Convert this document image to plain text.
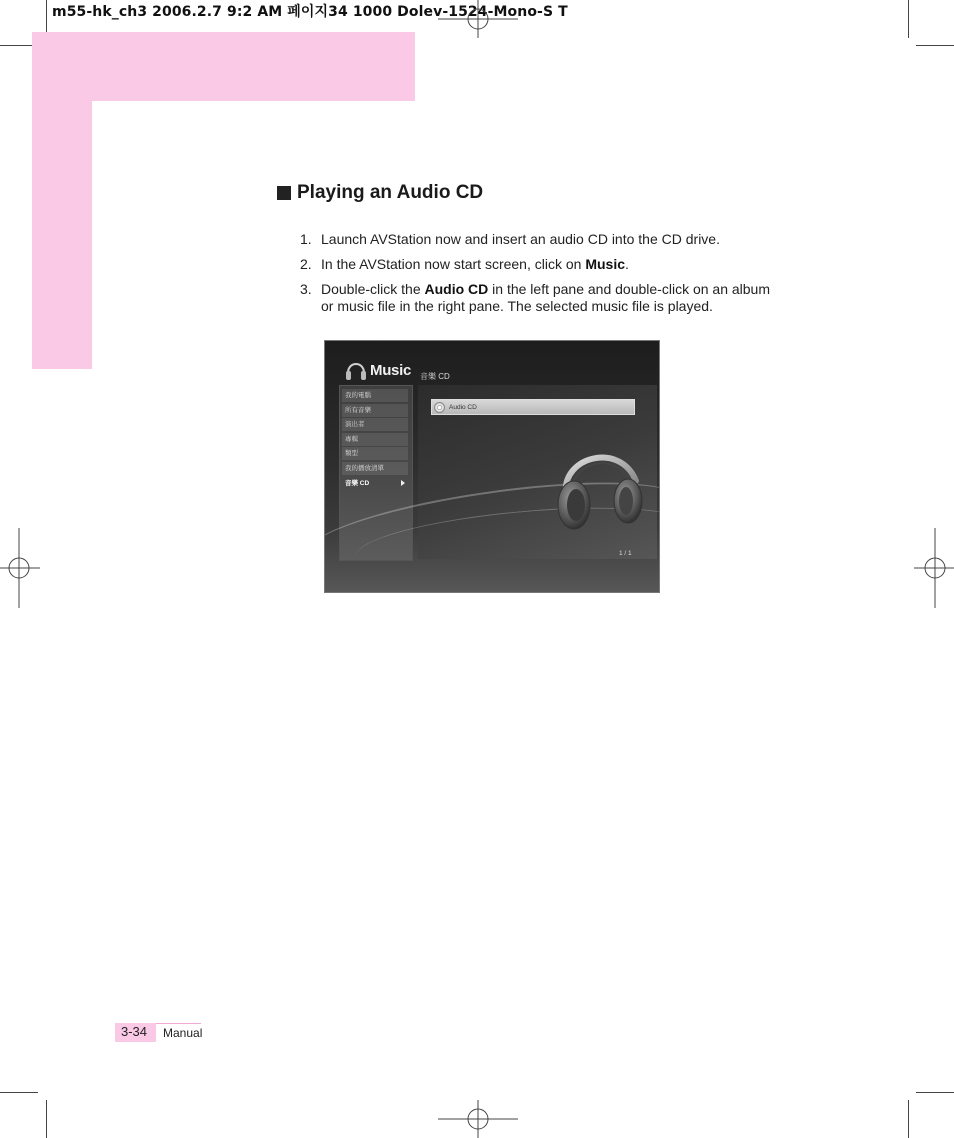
m55-hk_ch3 2006.2.7 9:2 AM 페이지34 1000 Dolev-1524-Mono-S T
Playing an Audio CD
1. Launch AVStation now and insert an audio CD into the CD drive.
2. In the AVStation now start screen, click on Music.
3. Double-click the Audio CD in the left pane and double-click on an album or music file in the right pane. The selected music file is played.
Music 音樂 CD
我的電腦
所有音樂
演出者
專輯
類型
我的播放清單
音樂 CD
Audio CD
1 / 1
3-34 Manual
